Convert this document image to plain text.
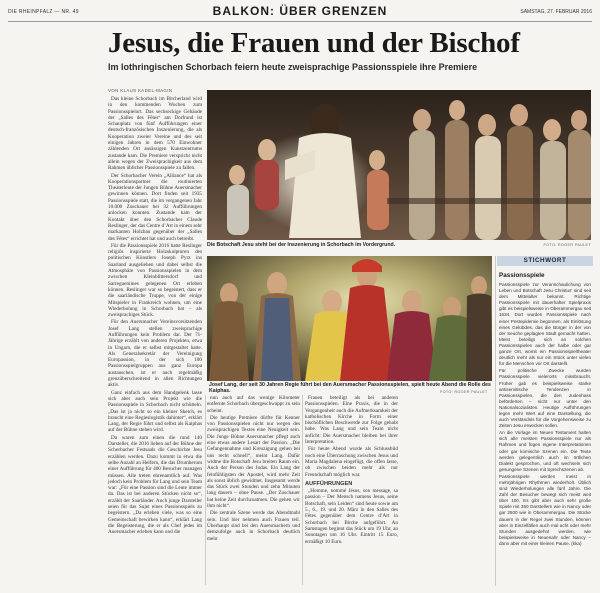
DIE RHEINPFALZ — NR. 49	BALKON: ÜBER GRENZEN	SAMSTAG, 27. FEBRUAR 2016
Jesus, die Frauen und der Bischof
Im lothringischen Schorbach feiern heute zweisprachige Passionsspiele ihre Premiere
VON KLAUS KADEL-MAGIN

Das kleine Schorbach im Bitcherland wird in den kommenden Wochen zum Passionsspielort. Das sechseckige Gebäude der „Salles des Fêtes“ am Dorfrand ist Schauplatz von fünf Aufführungen einer deutsch-französischen Inszenierung, die als Kooperation zweier Vereine und des seit einigen Jahren in dem 570 Einwohner zählenden Ort ansässigen Kunstzentrums zustande kam. Die Premiere verspricht nicht allein wegen der Zweisprachigkeit aus dem Rahmen üblicher Passionsspiele zu fallen.

Der Schorbacher Verein „Alliance“ hat als Kooperationspartner die routinierten Theaterleute der Jungen Bühne Auersmacher gewinnen können. Dort finden seit 1935 Passionsspiele statt, die im vergangenen Jahr 10.000 Zuschauer bei 32 Aufführungen anlocken konnten. Zustande kam der Kontakt über den Schorbacher Claude Reslinger, der das Centre d’Art in einem sehr markanten Holzbau gegenüber der „Salles des Fêtes“ errichtet hat und auch betreibt.

Für die Passionsspiele 2016 hatte Reslinger religiös inspirierte Holzskulpturen des politischen Künstlers Joseph Pyrz ins Saarland ausgeliehen und dabei selbst die Atmosphäre von Passionsspielen in dem zwischen Kleinblittersdorf und Sarreguemines gelegenen Ort erleben können. Reslinger war so begeistert, dass er die saarländische Truppe, von der einige Mitspieler in Frankreich wohnen, um eine Wiederholung in Schorbach bat – als zweisprachiges Stück.

Für den Auersmacher Vereinsvorsitzenden Josef Lang stellen zweisprachige Aufführungen kein Problem dar. Der 71-Jährige erzählt von anderen Projekten, etwa in Ungarn, die er selbst mitgestaltet hatte. Als Generalsekretär der Vereinigung Europassion, in der sich 100 Passionsspielgruppen aus ganz Europa austauschen, ist er auch regelmäßig grenzüberschreitend in allen Richtungen aktiv.

Ganz einfach aus dem Handgelenk lasse sich aber auch sein Projekt wie die Passionsspiele in Schorbach nicht schütteln. „Das ist ja nicht so ein kleiner Sketch, es braucht eine Regieslogistik dahinter“, erklärt Lang, der Regie führt und selbst als Kaiphas auf der Bühne stehen wird.

Da waren zum einen die rund 140 Darsteller, die 2016 lieben auf der Bühne der Schorbacher Festsaals die Geschichte Jesu erzählen werden. Dazu kommt in etwa die selbe Anzahl an Helfern, die das Drumherum einer Aufführung für 400 Besucher managen müssen. Alle treten ehrenamtlich auf. Was jedoch kein Problem für Lang und sein Team war: „Für eine Passion sind die Leute immer da. Das ist bei anderen Stücken nicht so“, erzählt der Saarländer. Auch junge Darsteller seien für das Sujet eines Passionsspiels zu begeistern. „Da erleben viele, was so eine Gemeinschaft bewirken kann“, erklärt Lang die Begeisterung, die er als Chef jedes im Auersmacher erleben kann und die

Die Botschaft Jesu steht bei der Inszenierung in Schorbach im Vordergrund.	FOTO: ROGER PAULET
Josef Lang, der seit 30 Jahren Regie führt bei den Auersmacher Passionsspielen, spielt heute Abend die Rolle des Kaiphas.	FOTO: ROGER PAULET

nun auch auf das wenige Kilometer entfernte Schorbach übergeschwappt zu sein scheint.

Die heutige Premiere dürfte für Kenner von Passionsspielen nicht nur wegen des zweisprachigen Textes eine Neuigkeit sein. Die Junge Bühne Auersmacher pflegt auch eine etwas andere Lesart der Passion. „Die Gefangennahme und Kreuzigung gehen bei uns recht schnell“, meint Lang. Dafür widme die Botschaft Jesu breiten Raum ein. Auch der Person des Judas. Ein Lang der feinfühligsten der Apostel, wird mehr Zeit als sonst üblich gewidmet. Insgesamt werde das Stück zwei Stunden und zehn Minuten lang dauern – ohne Pause. „Der Zuschauer hat keine Zeit durchzuatmen. Die gehen wir ihm nicht“.

Die zentrale Szene werde das Abendmahl sein. Und hier nehmen auch Frauen teil. Überhaupt sind bei den Auersmachern und demzufolge auch in Schorbach deutlich mehr

Frauen beteiligt als bei anderen Passionsspielen. Eine Praxis, die in der Vergangenheit auch die Aufmerksamkeit der katholischen Kirche in Form einer bischöflichen Beschwerde zur Folge gehabt habe. Was Lang und sein Team nicht anficht: Die Auersmacher bleiben bei ihrer Interpretation.

Für heute Abend wurde als Schlussbild noch eine Überraschung zwischen Jesus und Maria Magdalena eingefügt, die offen lasse, ob zwischen beiden mehr als nur Freundschaft möglich war.

AUFFÜHRUNGEN

„Homme, nommé Jésus, son message, sa passion – Der Mensch namens Jesus, seine Botschaft, sein Leiden“ sind heute sowie am 5., 6., 19. und 20. März in den Salles des Fêtes gegenüber dem Centre d’Art in Schorbach bei Bitche aufgeführt. An Samstagen beginnt das Stück um 19 Uhr, an Sonntagen um 16 Uhr. Eintritt 15 Euro, ermäßigt 10 Euro.

STICHWORT
Passionsspiele

Passionsspiele zur Veranschaulichung von Leben und Botschaft Jesu Christus' sind seit dem Mittelalter bekannt. Richtige Passionsspiele mit dauerhafter Spielpraxis gibt es beispielsweise in Oberammergau seit 1634. Dort wurden Passionsspiele nach einer Pestepidemie begonnen, als Einlösung eines Gelübdes, das die Bürger in der von der Seuche geplagten Stadt gemacht hatten. Meist beteiligt sich an solchen Passionsspielen auch der halbe oder gar ganze Ort, womit ein Passionsspieltheater deutlich mehr als nur ein Stück unter vielen für die Menschen vor Ort darstellt.

Für politische Zwecke wurden Passionsspiele vielerorts missbraucht. Früher gab es beispielsweise starke antisemitische Tendenzen in Passionsspielen, die den Judenhass beförderten – nicht nur unter den Nationalsozialisten. Heutige Aufführungen legen mehr Wert auf eine Darstellung, die auch Verständnis für die Vorgehensweise zu Zeiten Jesu erwecken sollen.

An die Vorlage im Neuen Testament halten sich alle meisten Passionsspiele nur als Rahmen und fügen eigene Interpretationen oder gar komische Szenen ein. Die Texte werden gelegentlich auch im örtlichen Dialekt gesprochen, und oft wechseln sich gesungene Szenen mit Sprechszenen ab.

Passionsspiele werden meist in mehrjährigen Rhythmen wiederholt. Üblich sind Wiederholungen alle fünf Jahre. Die Zahl der Besucher bewegt sich meist weit über 100. Es gibt aber auch sehr große Spiele mit 350 Darstellern wie in Nancy oder gar 2500 wie in Oberammergau. Die Stücke dauern in der Regel zwei Stunden, können aber in Einzelfällen auch mal acht oder mehr Stunden ausgedehnt werden, wie beispielsweise in Neuenahr oder Nancy – dann aber mit einer kleinen Pause. (kka)
